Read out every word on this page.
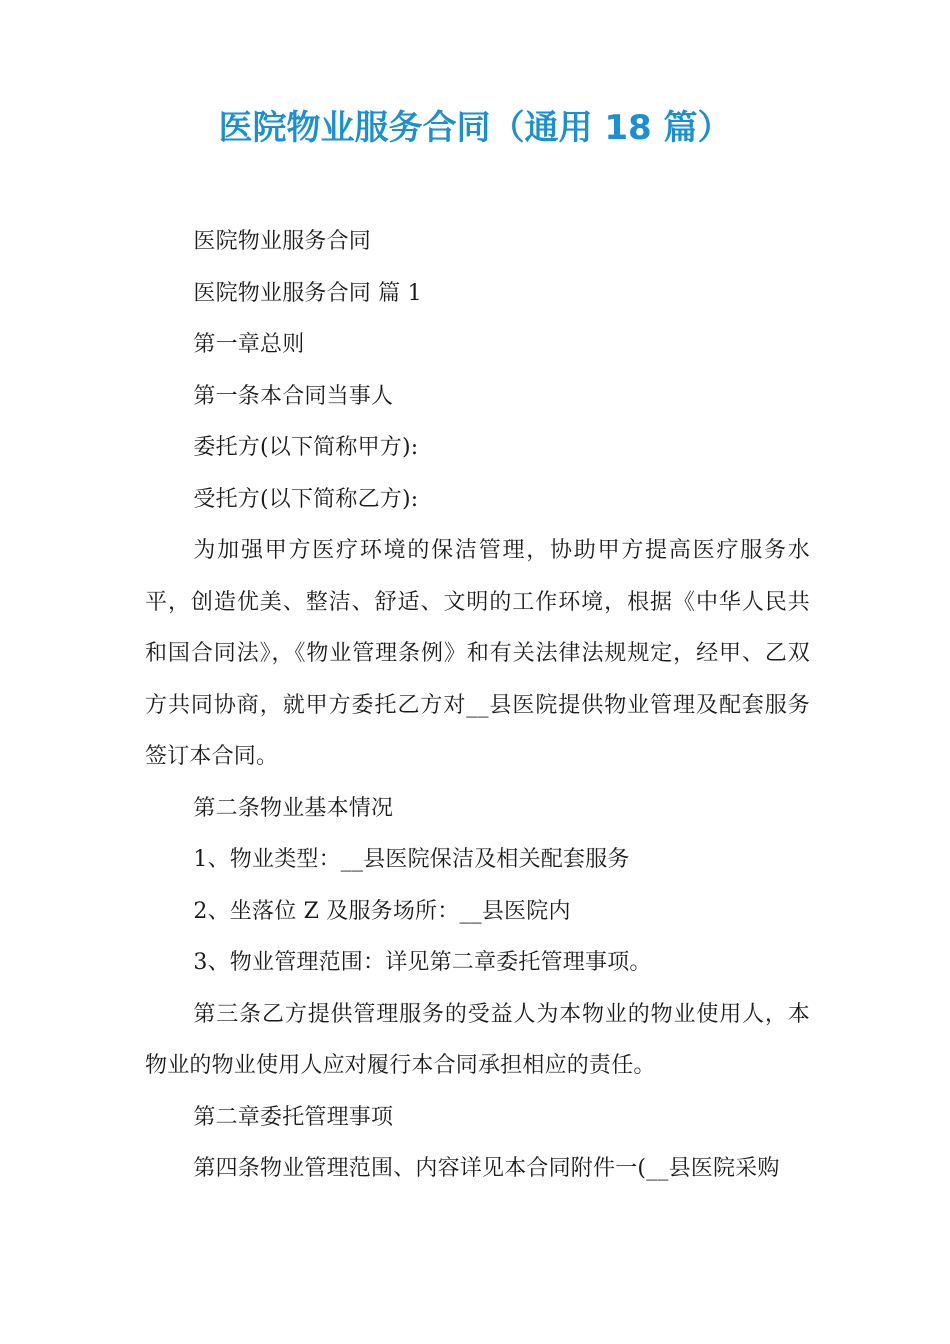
医院物业服务合同（通用 18 篇）

医院物业服务合同

医院物业服务合同 篇 1

第一章总则

第一条本合同当事人

委托方(以下简称甲方):

受托方(以下简称乙方):

为加强甲方医疗环境的保洁管理，协助甲方提高医疗服务水平，创造优美、整洁、舒适、文明的工作环境，根据《中华人民共和国合同法》，《物业管理条例》和有关法律法规规定，经甲、乙双方共同协商，就甲方委托乙方对__县医院提供物业管理及配套服务签订本合同。

第二条物业基本情况

1、物业类型：__县医院保洁及相关配套服务

2、坐落位 Z 及服务场所：__县医院内

3、物业管理范围：详见第二章委托管理事项。

第三条乙方提供管理服务的受益人为本物业的物业使用人，本物业的物业使用人应对履行本合同承担相应的责任。

第二章委托管理事项

第四条物业管理范围、内容详见本合同附件一(__县医院采购
